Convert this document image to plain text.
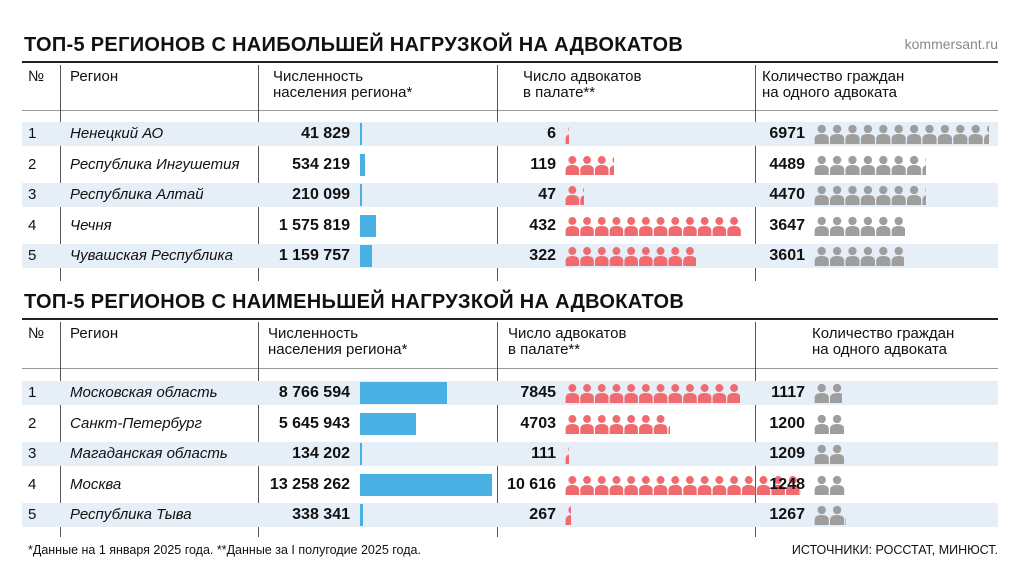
kommersant.ru
*Данные на 1 января 2025 года. **Данные за I полугодие 2025 года.	ИСТОЧНИКИ: РОССТАТ, МИНЮСТ.
ТОП-5 РЕГИОНОВ С НАИБОЛЬШЕЙ НАГРУЗКОЙ НА АДВОКАТОВ
№ Регион	Численность
населения региона*
Число адвокатов
в палате**
Количество граждан
на одного адвоката
1 Ненецкий АО	41 829	6	6971
2 Республика Ингушетия	534 219	119	4489
3 Республика Алтай	210 099	47	4470
4 Чечня	1 575 819	432	3647
5 Чувашская Республика	1 159 757	322	3601
ТОП-5 РЕГИОНОВ С НАИМЕНЬШЕЙ НАГРУЗКОЙ НА АДВОКАТОВ
№ Регион	Численность
населения региона*
Число адвокатов
в палате**
Количество граждан
на одного адвоката
1 Московская область	8 766 594	7845	1117
2 Санкт-Петербург	5 645 943	4703	1200
3 Магаданская область	134 202	111	1209
4 Москва	13 258 262	10 616	1248
5 Республика Тыва	338 341	267	1267
